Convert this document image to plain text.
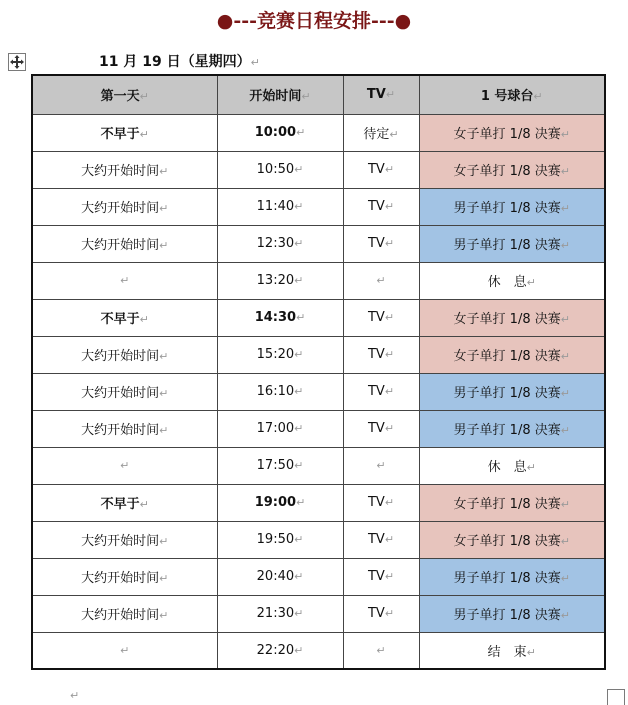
●---竞赛日程安排---●
11 月 19 日（星期四）↵
第一天↵	开始时间↵	TV↵	1 号球台↵
不早于↵	10:00↵	待定↵	女子单打 1/8 决赛↵
大约开始时间↵	10:50↵	TV↵	女子单打 1/8 决赛↵
大约开始时间↵	11:40↵	TV↵	男子单打 1/8 决赛↵
大约开始时间↵	12:30↵	TV↵	男子单打 1/8 决赛↵
↵	13:20↵	↵	休　息↵
不早于↵	14:30↵	TV↵	女子单打 1/8 决赛↵
大约开始时间↵	15:20↵	TV↵	女子单打 1/8 决赛↵
大约开始时间↵	16:10↵	TV↵	男子单打 1/8 决赛↵
大约开始时间↵	17:00↵	TV↵	男子单打 1/8 决赛↵
↵	17:50↵	↵	休　息↵
不早于↵	19:00↵	TV↵	女子单打 1/8 决赛↵
大约开始时间↵	19:50↵	TV↵	女子单打 1/8 决赛↵
大约开始时间↵	20:40↵	TV↵	男子单打 1/8 决赛↵
大约开始时间↵	21:30↵	TV↵	男子单打 1/8 决赛↵
↵	22:20↵	↵	结　束↵
↵
